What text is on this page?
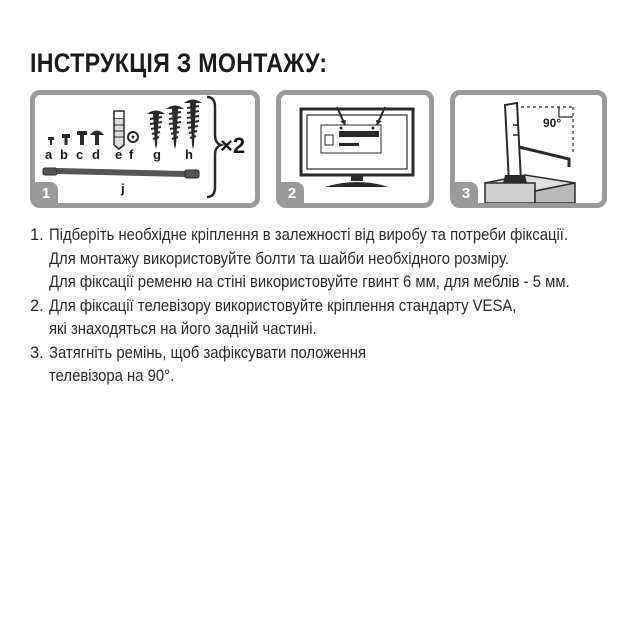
ІНСТРУКЦІЯ З МОНТАЖУ:
a b c d e f g h
j
1
×2
2
90°
3
1. Підберіть необхідне кріплення в залежності від виробу та потреби фіксації.
Для монтажу використовуйте болти та шайби необхідного розміру.
Для фіксації ременю на стіні використовуйте гвинт 6 мм, для меблів - 5 мм.
2. Для фіксації телевізору використовуйте кріплення стандарту VESA,
які знаходяться на його задній частині.
3. Затягніть ремінь, щоб зафіксувати положення
телевізора на 90°.
